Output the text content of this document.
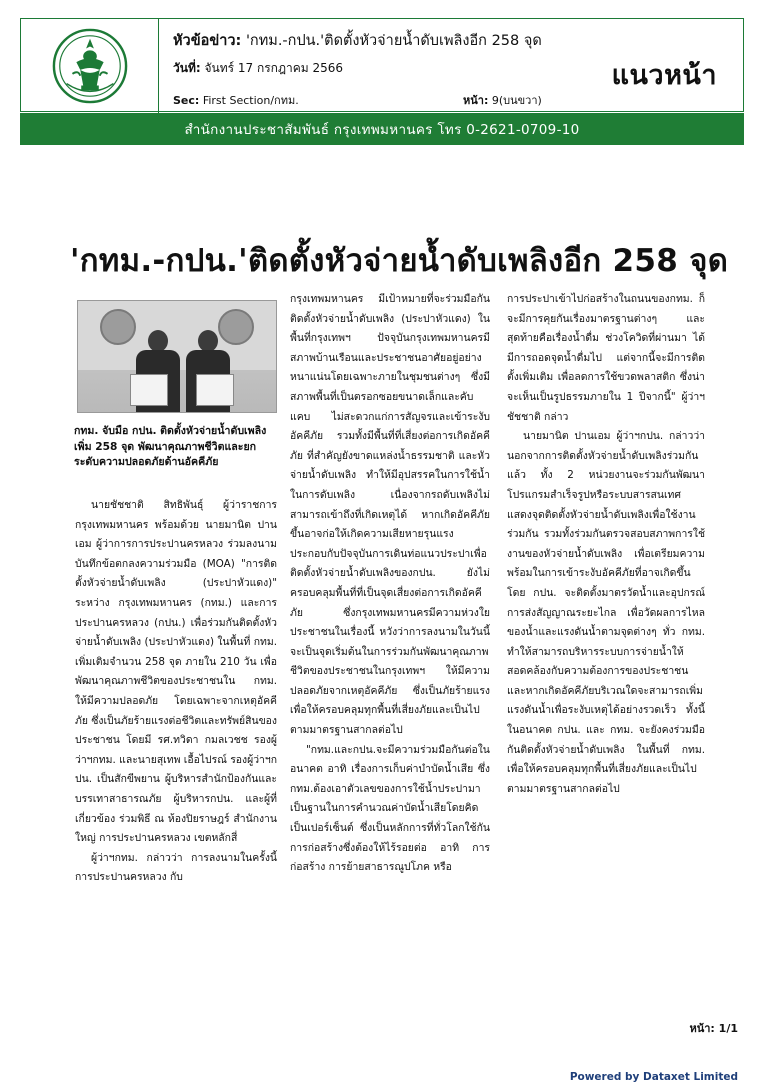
หัวข้อข่าว: 'กทม.-กปน.'ติดตั้งหัวจ่ายน้ำดับเพลิงอีก 258 จุด
วันที่: จันทร์ 17 กรกฎาคม 2566
Sec: First Section/กทม.	หน้า: 9(บนขวา)
แนวหน้า
สำนักงานประชาสัมพันธ์ กรุงเทพมหานคร โทร 0-2621-0709-10
'กทม.-กปน.'ติดตั้งหัวจ่ายน้ำดับเพลิงอีก 258 จุด
กทม. จับมือ กปน. ติดตั้งหัวจ่ายน้ำดับเพลิง เพิ่ม 258 จุด พัฒนาคุณภาพชีวิตและยกระดับความปลอดภัยด้านอัคคีภัย

นายชัชชาติ สิทธิพันธุ์ ผู้ว่าราชการกรุงเทพมหานคร พร้อมด้วย นายมานิต ปานเอม ผู้ว่าการการประปานครหลวง ร่วมลงนามบันทึกข้อตกลงความร่วมมือ (MOA) "การติดตั้งหัวจ่ายน้ำดับเพลิง (ประปาหัวแดง)" ระหว่าง กรุงเทพมหานคร (กทม.) และการประปานครหลวง (กปน.) เพื่อร่วมกันติดตั้งหัวจ่ายน้ำดับเพลิง (ประปาหัวแดง) ในพื้นที่ กทม. เพิ่มเติมจำนวน 258 จุด ภายใน 210 วัน เพื่อพัฒนาคุณภาพชีวิตของประชาชนใน กทม. ให้มีความปลอดภัย โดยเฉพาะจากเหตุอัคคีภัย ซึ่งเป็นภัยร้ายแรงต่อชีวิตและทรัพย์สินของประชาชน โดยมี รศ.ทวิดา กมลเวชช รองผู้ว่าฯกทม. และนายสุเทพ เอื้อไปรณ์ รองผู้ว่าฯกปน. เป็นสักขีพยาน ผู้บริหารสำนักป้องกันและบรรเทาสาธารณภัย ผู้บริหารกปน. และผู้ที่เกี่ยวข้อง ร่วมพิธี ณ ห้องปิยราษฎร์ สำนักงานใหญ่ การประปานครหลวง เขตหลักสี่

ผู้ว่าฯกทม. กล่าวว่า การลงนามในครั้งนี้ การประปานครหลวง กับ

กรุงเทพมหานคร มีเป้าหมายที่จะร่วมมือกันติดตั้งหัวจ่ายน้ำดับเพลิง (ประปาหัวแดง) ในพื้นที่กรุงเทพฯ ปัจจุบันกรุงเทพมหานครมีสภาพบ้านเรือนและประชาชนอาศัยอยู่อย่างหนาแน่นโดยเฉพาะภายในชุมชนต่างๆ ซึ่งมีสภาพพื้นที่เป็นตรอกซอยขนาดเล็กและคับแคบ ไม่สะดวกแก่การสัญจรและเข้าระงับอัคคีภัย รวมทั้งมีพื้นที่ที่เสี่ยงต่อการเกิดอัคคีภัย ที่สำคัญยังขาดแหล่งน้ำธรรมชาติ และหัวจ่ายน้ำดับเพลิง ทำให้มีอุปสรรคในการใช้น้ำในการดับเพลิง เนื่องจากรถดับเพลิงไม่สามารถเข้าถึงที่เกิดเหตุได้ หากเกิดอัคคีภัยขึ้นอาจก่อให้เกิดความเสียหายรุนแรง ประกอบกับปัจจุบันการเดินท่อแนวประปาเพื่อติดตั้งหัวจ่ายน้ำดับเพลิงของกปน. ยังไม่ครอบคลุมพื้นที่ที่เป็นจุดเสี่ยงต่อการเกิดอัคคีภัย ซึ่งกรุงเทพมหานครมีความห่วงใยประชาชนในเรื่องนี้ หวังว่าการลงนามในวันนี้ จะเป็นจุดเริ่มต้นในการร่วมกันพัฒนาคุณภาพชีวิตของประชาชนในกรุงเทพฯ ให้มีความปลอดภัยจากเหตุอัคคีภัย ซึ่งเป็นภัยร้ายแรง เพื่อให้ครอบคลุมทุกพื้นที่เสี่ยงภัยและเป็นไปตามมาตรฐานสากลต่อไป

"กทม.และกปน.จะมีความร่วมมือกันต่อในอนาคต อาทิ เรื่องการเก็บค่าบำบัดน้ำเสีย ซึ่งกทม.ต้องเอาตัวเลขของการใช้น้ำประปามาเป็นฐานในการคำนวณค่าบัดน้ำเสียโดยคิดเป็นเปอร์เซ็นต์ ซึ่งเป็นหลักการที่ทั่วโลกใช้กัน การก่อสร้างซึ่งต้องให้ไร้รอยต่อ อาทิ การก่อสร้าง การย้ายสาธารณูปโภค หรือ

การประปาเข้าไปก่อสร้างในถนนของกทม. ก็จะมีการคุยกันเรื่องมาตรฐานต่างๆ และสุดท้ายคือเรื่องน้ำดื่ม ช่วงโควิดที่ผ่านมา ได้มีการถอดจุดน้ำดื่มไป แต่จากนี้จะมีการติดตั้งเพิ่มเติม เพื่อลดการใช้ขวดพลาสติก ซึ่งน่าจะเห็นเป็นรูปธรรมภายใน 1 ปีจากนี้" ผู้ว่าฯชัชชาติ กล่าว

นายมานิต ปานเอม ผู้ว่าฯกปน. กล่าวว่า นอกจากการติดตั้งหัวจ่ายน้ำดับเพลิงร่วมกันแล้ว ทั้ง 2 หน่วยงานจะร่วมกันพัฒนาโปรแกรมสำเร็จรูปหรือระบบสารสนเทศแสดงจุดติดตั้งหัวจ่ายน้ำดับเพลิงเพื่อใช้งานร่วมกัน รวมทั้งร่วมกันตรวจสอบสภาพการใช้งานของหัวจ่ายน้ำดับเพลิง เพื่อเตรียมความพร้อมในการเข้าระงับอัคคีภัยที่อาจเกิดขึ้น โดย กปน. จะติดตั้งมาตรวัดน้ำและอุปกรณ์การส่งสัญญาณระยะไกล เพื่อวัดผลการไหลของน้ำและแรงดันน้ำตามจุดต่างๆ ทั่ว กทม. ทำให้สามารถบริหารระบบการจ่ายน้ำให้สอดคล้องกับความต้องการของประชาชน และหากเกิดอัคคีภัยบริเวณใดจะสามารถเพิ่มแรงดันน้ำเพื่อระงับเหตุได้อย่างรวดเร็ว ทั้งนี้ ในอนาคต กปน. และ กทม. จะยังคงร่วมมือกันติดตั้งหัวจ่ายน้ำดับเพลิง ในพื้นที่ กทม. เพื่อให้ครอบคลุมทุกพื้นที่เสี่ยงภัยและเป็นไปตามมาตรฐานสากลต่อไป

หน้า: 1/1
Powered by Dataxet Limited
